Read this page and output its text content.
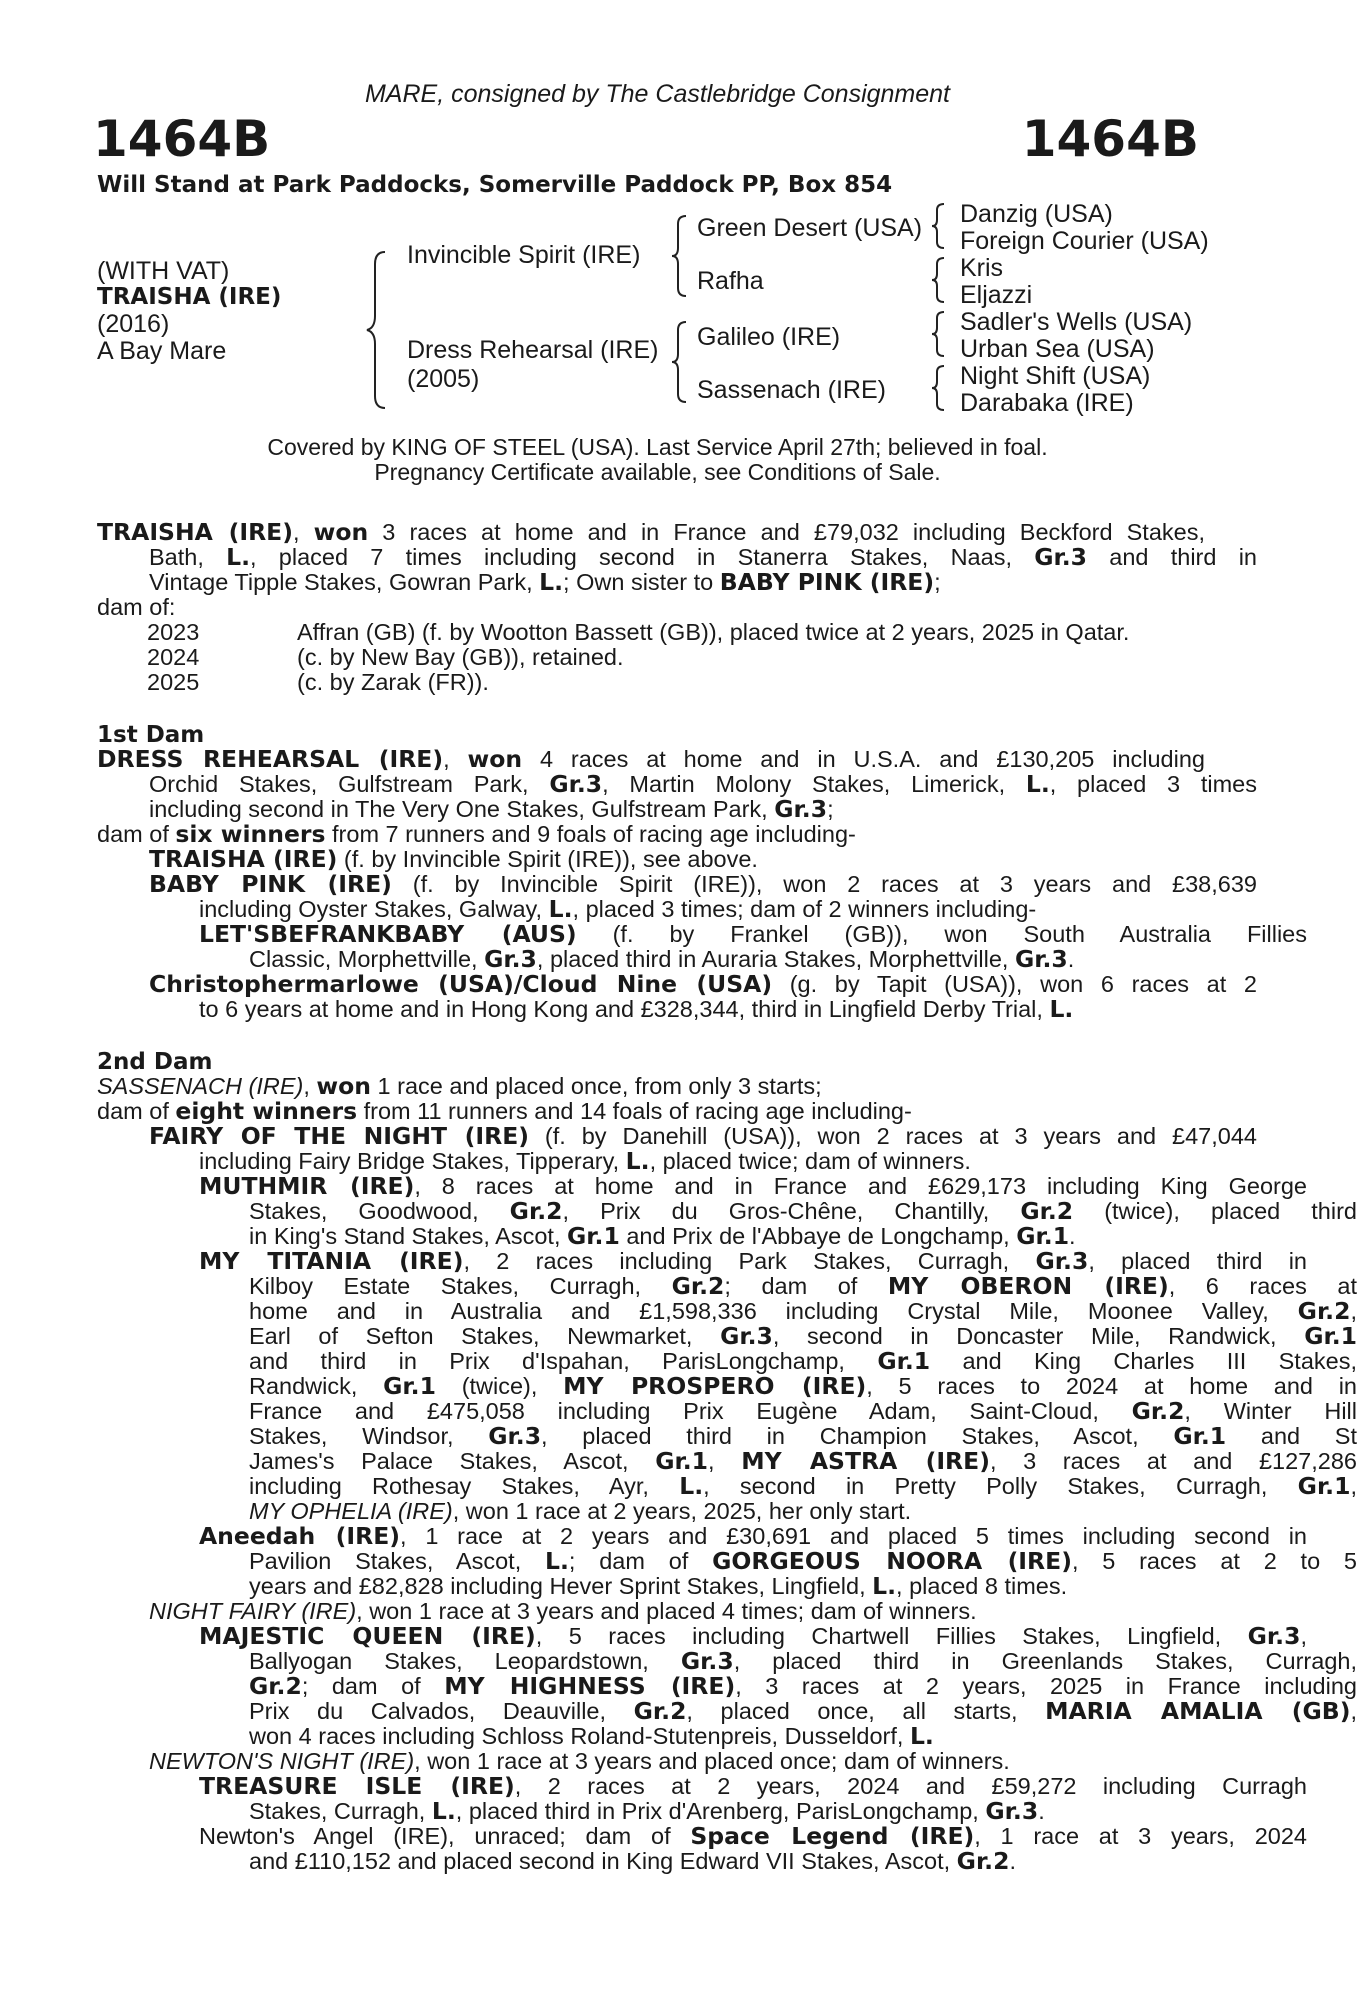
MARE, consigned by The Castlebridge Consignment
1464B	1464B
Will Stand at Park Paddocks, Somerville Paddock PP, Box 854
(WITH VAT)
TRAISHA (IRE)
(2016)
A Bay Mare
Invincible Spirit (IRE)
Dress Rehearsal (IRE)
(2005)
Green Desert (USA)
Rafha
Galileo (IRE)
Sassenach (IRE)
Danzig (USA)
Foreign Courier (USA)
Kris
Eljazzi
Sadler's Wells (USA)
Urban Sea (USA)
Night Shift (USA)
Darabaka (IRE)
Covered by KING OF STEEL (USA). Last Service April 27th; believed in foal.
Pregnancy Certificate available, see Conditions of Sale.
TRAISHA (IRE), won 3 races at home and in France and £79,032 including Beckford Stakes,
Bath, L., placed 7 times including second in Stanerra Stakes, Naas, Gr.3 and third in
Vintage Tipple Stakes, Gowran Park, L.; Own sister to BABY PINK (IRE);
dam of:
2023	Affran (GB) (f. by Wootton Bassett (GB)), placed twice at 2 years, 2025 in Qatar.
2024	(c. by New Bay (GB)), retained.
2025	(c. by Zarak (FR)).
1st Dam
DRESS REHEARSAL (IRE), won 4 races at home and in U.S.A. and £130,205 including
Orchid Stakes, Gulfstream Park, Gr.3, Martin Molony Stakes, Limerick, L., placed 3 times
including second in The Very One Stakes, Gulfstream Park, Gr.3;
dam of six winners from 7 runners and 9 foals of racing age including-
TRAISHA (IRE) (f. by Invincible Spirit (IRE)), see above.
BABY PINK (IRE) (f. by Invincible Spirit (IRE)), won 2 races at 3 years and £38,639
including Oyster Stakes, Galway, L., placed 3 times; dam of 2 winners including-
LET'SBEFRANKBABY (AUS) (f. by Frankel (GB)), won South Australia Fillies
Classic, Morphettville, Gr.3, placed third in Auraria Stakes, Morphettville, Gr.3.
Christophermarlowe (USA)/Cloud Nine (USA) (g. by Tapit (USA)), won 6 races at 2
to 6 years at home and in Hong Kong and £328,344, third in Lingfield Derby Trial, L.
2nd Dam
SASSENACH (IRE), won 1 race and placed once, from only 3 starts;
dam of eight winners from 11 runners and 14 foals of racing age including-
FAIRY OF THE NIGHT (IRE) (f. by Danehill (USA)), won 2 races at 3 years and £47,044
including Fairy Bridge Stakes, Tipperary, L., placed twice; dam of winners.
MUTHMIR (IRE), 8 races at home and in France and £629,173 including King George
Stakes, Goodwood, Gr.2, Prix du Gros-Chêne, Chantilly, Gr.2 (twice), placed third
in King's Stand Stakes, Ascot, Gr.1 and Prix de l'Abbaye de Longchamp, Gr.1.
MY TITANIA (IRE), 2 races including Park Stakes, Curragh, Gr.3, placed third in
Kilboy Estate Stakes, Curragh, Gr.2; dam of MY OBERON (IRE), 6 races at
home and in Australia and £1,598,336 including Crystal Mile, Moonee Valley, Gr.2,
Earl of Sefton Stakes, Newmarket, Gr.3, second in Doncaster Mile, Randwick, Gr.1
and third in Prix d'Ispahan, ParisLongchamp, Gr.1 and King Charles III Stakes,
Randwick, Gr.1 (twice), MY PROSPERO (IRE), 5 races to 2024 at home and in
France and £475,058 including Prix Eugène Adam, Saint-Cloud, Gr.2, Winter Hill
Stakes, Windsor, Gr.3, placed third in Champion Stakes, Ascot, Gr.1 and St
James's Palace Stakes, Ascot, Gr.1, MY ASTRA (IRE), 3 races at and £127,286
including Rothesay Stakes, Ayr, L., second in Pretty Polly Stakes, Curragh, Gr.1,
MY OPHELIA (IRE), won 1 race at 2 years, 2025, her only start.
Aneedah (IRE), 1 race at 2 years and £30,691 and placed 5 times including second in
Pavilion Stakes, Ascot, L.; dam of GORGEOUS NOORA (IRE), 5 races at 2 to 5
years and £82,828 including Hever Sprint Stakes, Lingfield, L., placed 8 times.
NIGHT FAIRY (IRE), won 1 race at 3 years and placed 4 times; dam of winners.
MAJESTIC QUEEN (IRE), 5 races including Chartwell Fillies Stakes, Lingfield, Gr.3,
Ballyogan Stakes, Leopardstown, Gr.3, placed third in Greenlands Stakes, Curragh,
Gr.2; dam of MY HIGHNESS (IRE), 3 races at 2 years, 2025 in France including
Prix du Calvados, Deauville, Gr.2, placed once, all starts, MARIA AMALIA (GB),
won 4 races including Schloss Roland-Stutenpreis, Dusseldorf, L.
NEWTON'S NIGHT (IRE), won 1 race at 3 years and placed once; dam of winners.
TREASURE ISLE (IRE), 2 races at 2 years, 2024 and £59,272 including Curragh
Stakes, Curragh, L., placed third in Prix d'Arenberg, ParisLongchamp, Gr.3.
Newton's Angel (IRE), unraced; dam of Space Legend (IRE), 1 race at 3 years, 2024
and £110,152 and placed second in King Edward VII Stakes, Ascot, Gr.2.
